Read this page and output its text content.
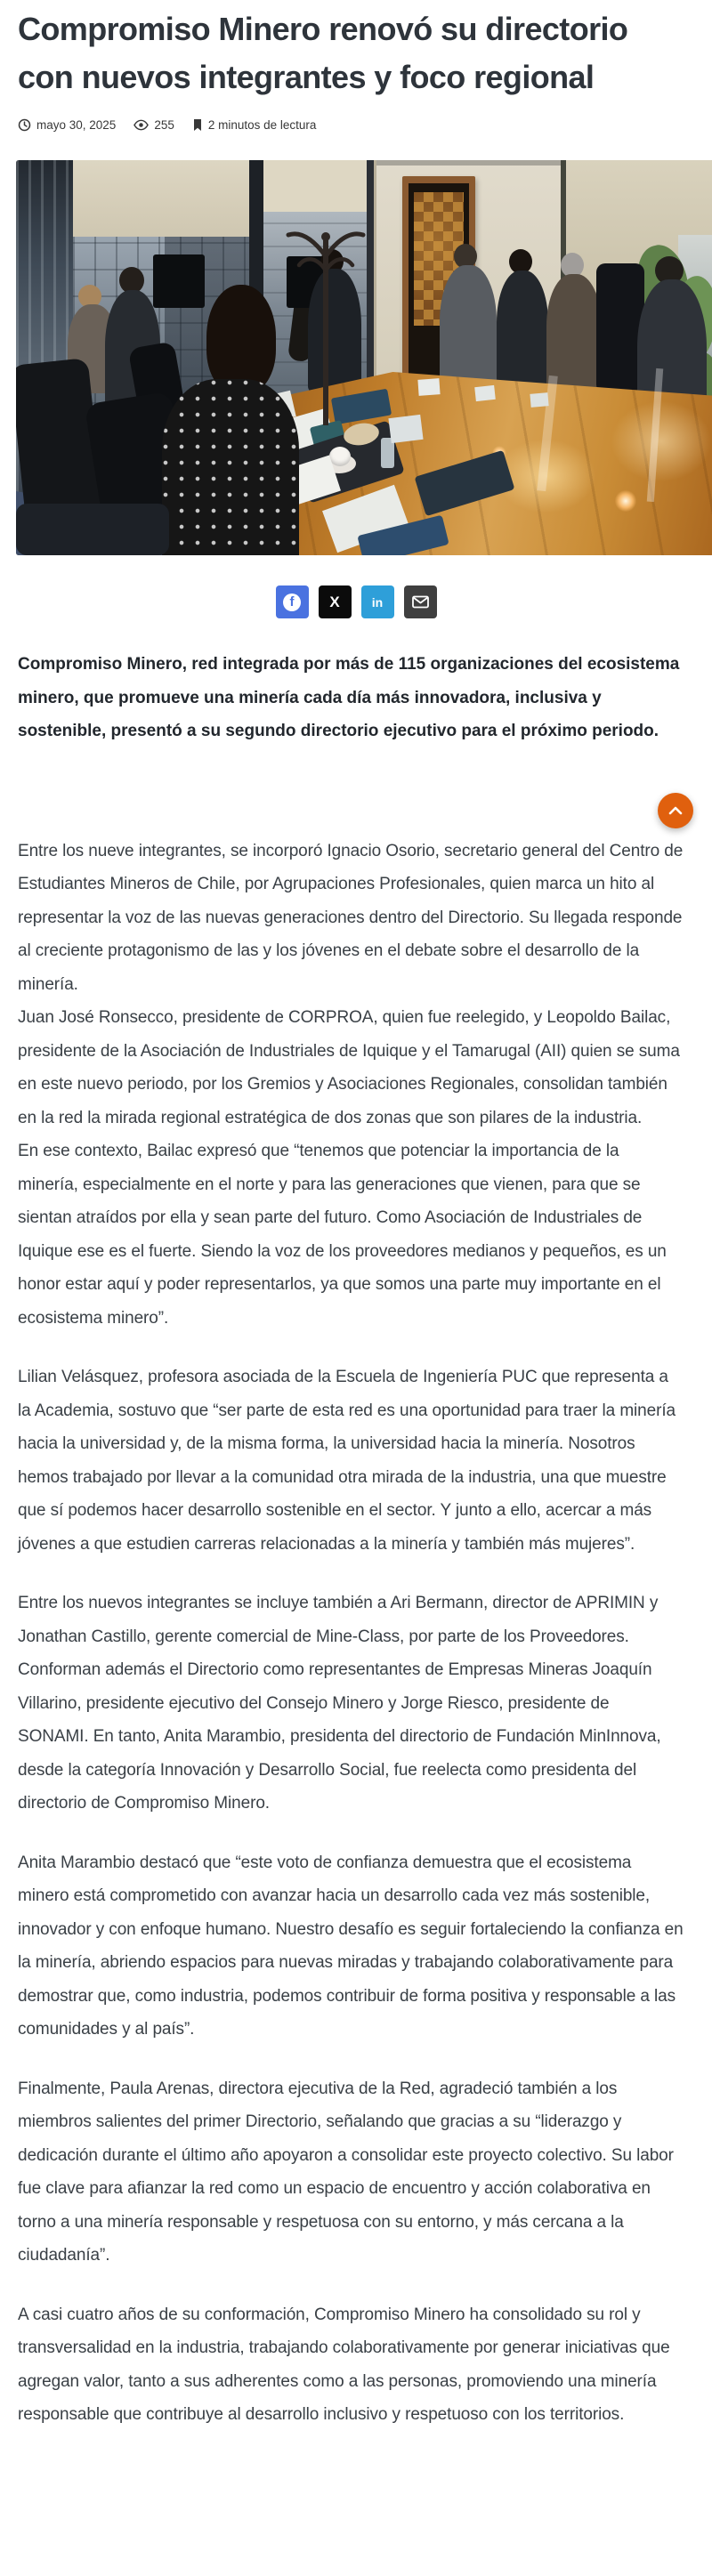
Compromiso Minero renovó su directorio con nuevos integrantes y foco regional
mayo 30, 2025	255	2 minutos de lectura
f X	in

Compromiso Minero, red integrada por más de 115 organizaciones del ecosistema minero, que promueve una minería cada día más innovadora, inclusiva y sostenible, presentó a su segundo directorio ejecutivo para el próximo periodo.

Entre los nueve integrantes, se incorporó Ignacio Osorio, secretario general del Centro de Estudiantes Mineros de Chile, por Agrupaciones Profesionales, quien marca un hito al representar la voz de las nuevas generaciones dentro del Directorio. Su llegada responde al creciente protagonismo de las y los jóvenes en el debate sobre el desarrollo de la minería.

Juan José Ronsecco, presidente de CORPROA, quien fue reelegido, y Leopoldo Bailac, presidente de la Asociación de Industriales de Iquique y el Tamarugal (AII) quien se suma en este nuevo periodo, por los Gremios y Asociaciones Regionales, consolidan también en la red la mirada regional estratégica de dos zonas que son pilares de la industria.

En ese contexto, Bailac expresó que “tenemos que potenciar la importancia de la minería, especialmente en el norte y para las generaciones que vienen, para que se sientan atraídos por ella y sean parte del futuro. Como Asociación de Industriales de Iquique ese es el fuerte. Siendo la voz de los proveedores medianos y pequeños, es un honor estar aquí y poder representarlos, ya que somos una parte muy importante en el ecosistema minero”.

Lilian Velásquez, profesora asociada de la Escuela de Ingeniería PUC que representa a la Academia, sostuvo que “ser parte de esta red es una oportunidad para traer la minería hacia la universidad y, de la misma forma, la universidad hacia la minería. Nosotros hemos trabajado por llevar a la comunidad otra mirada de la industria, una que muestre que sí podemos hacer desarrollo sostenible en el sector. Y junto a ello, acercar a más jóvenes a que estudien carreras relacionadas a la minería y también más mujeres”.

Entre los nuevos integrantes se incluye también a Ari Bermann, director de APRIMIN y Jonathan Castillo, gerente comercial de Mine-Class, por parte de los Proveedores. Conforman además el Directorio como representantes de Empresas Mineras Joaquín Villarino, presidente ejecutivo del Consejo Minero y Jorge Riesco, presidente de SONAMI. En tanto, Anita Marambio, presidenta del directorio de Fundación MinInnova, desde la categoría Innovación y Desarrollo Social, fue reelecta como presidenta del directorio de Compromiso Minero.

Anita Marambio destacó que “este voto de confianza demuestra que el ecosistema minero está comprometido con avanzar hacia un desarrollo cada vez más sostenible, innovador y con enfoque humano. Nuestro desafío es seguir fortaleciendo la confianza en la minería, abriendo espacios para nuevas miradas y trabajando colaborativamente para demostrar que, como industria, podemos contribuir de forma positiva y responsable a las comunidades y al país”.

Finalmente, Paula Arenas, directora ejecutiva de la Red, agradeció también a los miembros salientes del primer Directorio, señalando que gracias a su “liderazgo y dedicación durante el último año apoyaron a consolidar este proyecto colectivo. Su labor fue clave para afianzar la red como un espacio de encuentro y acción colaborativa en torno a una minería responsable y respetuosa con su entorno, y más cercana a la ciudadanía”.

A casi cuatro años de su conformación, Compromiso Minero ha consolidado su rol y transversalidad en la industria, trabajando colaborativamente por generar iniciativas que agregan valor, tanto a sus adherentes como a las personas, promoviendo una minería responsable que contribuye al desarrollo inclusivo y respetuoso con los territorios.
